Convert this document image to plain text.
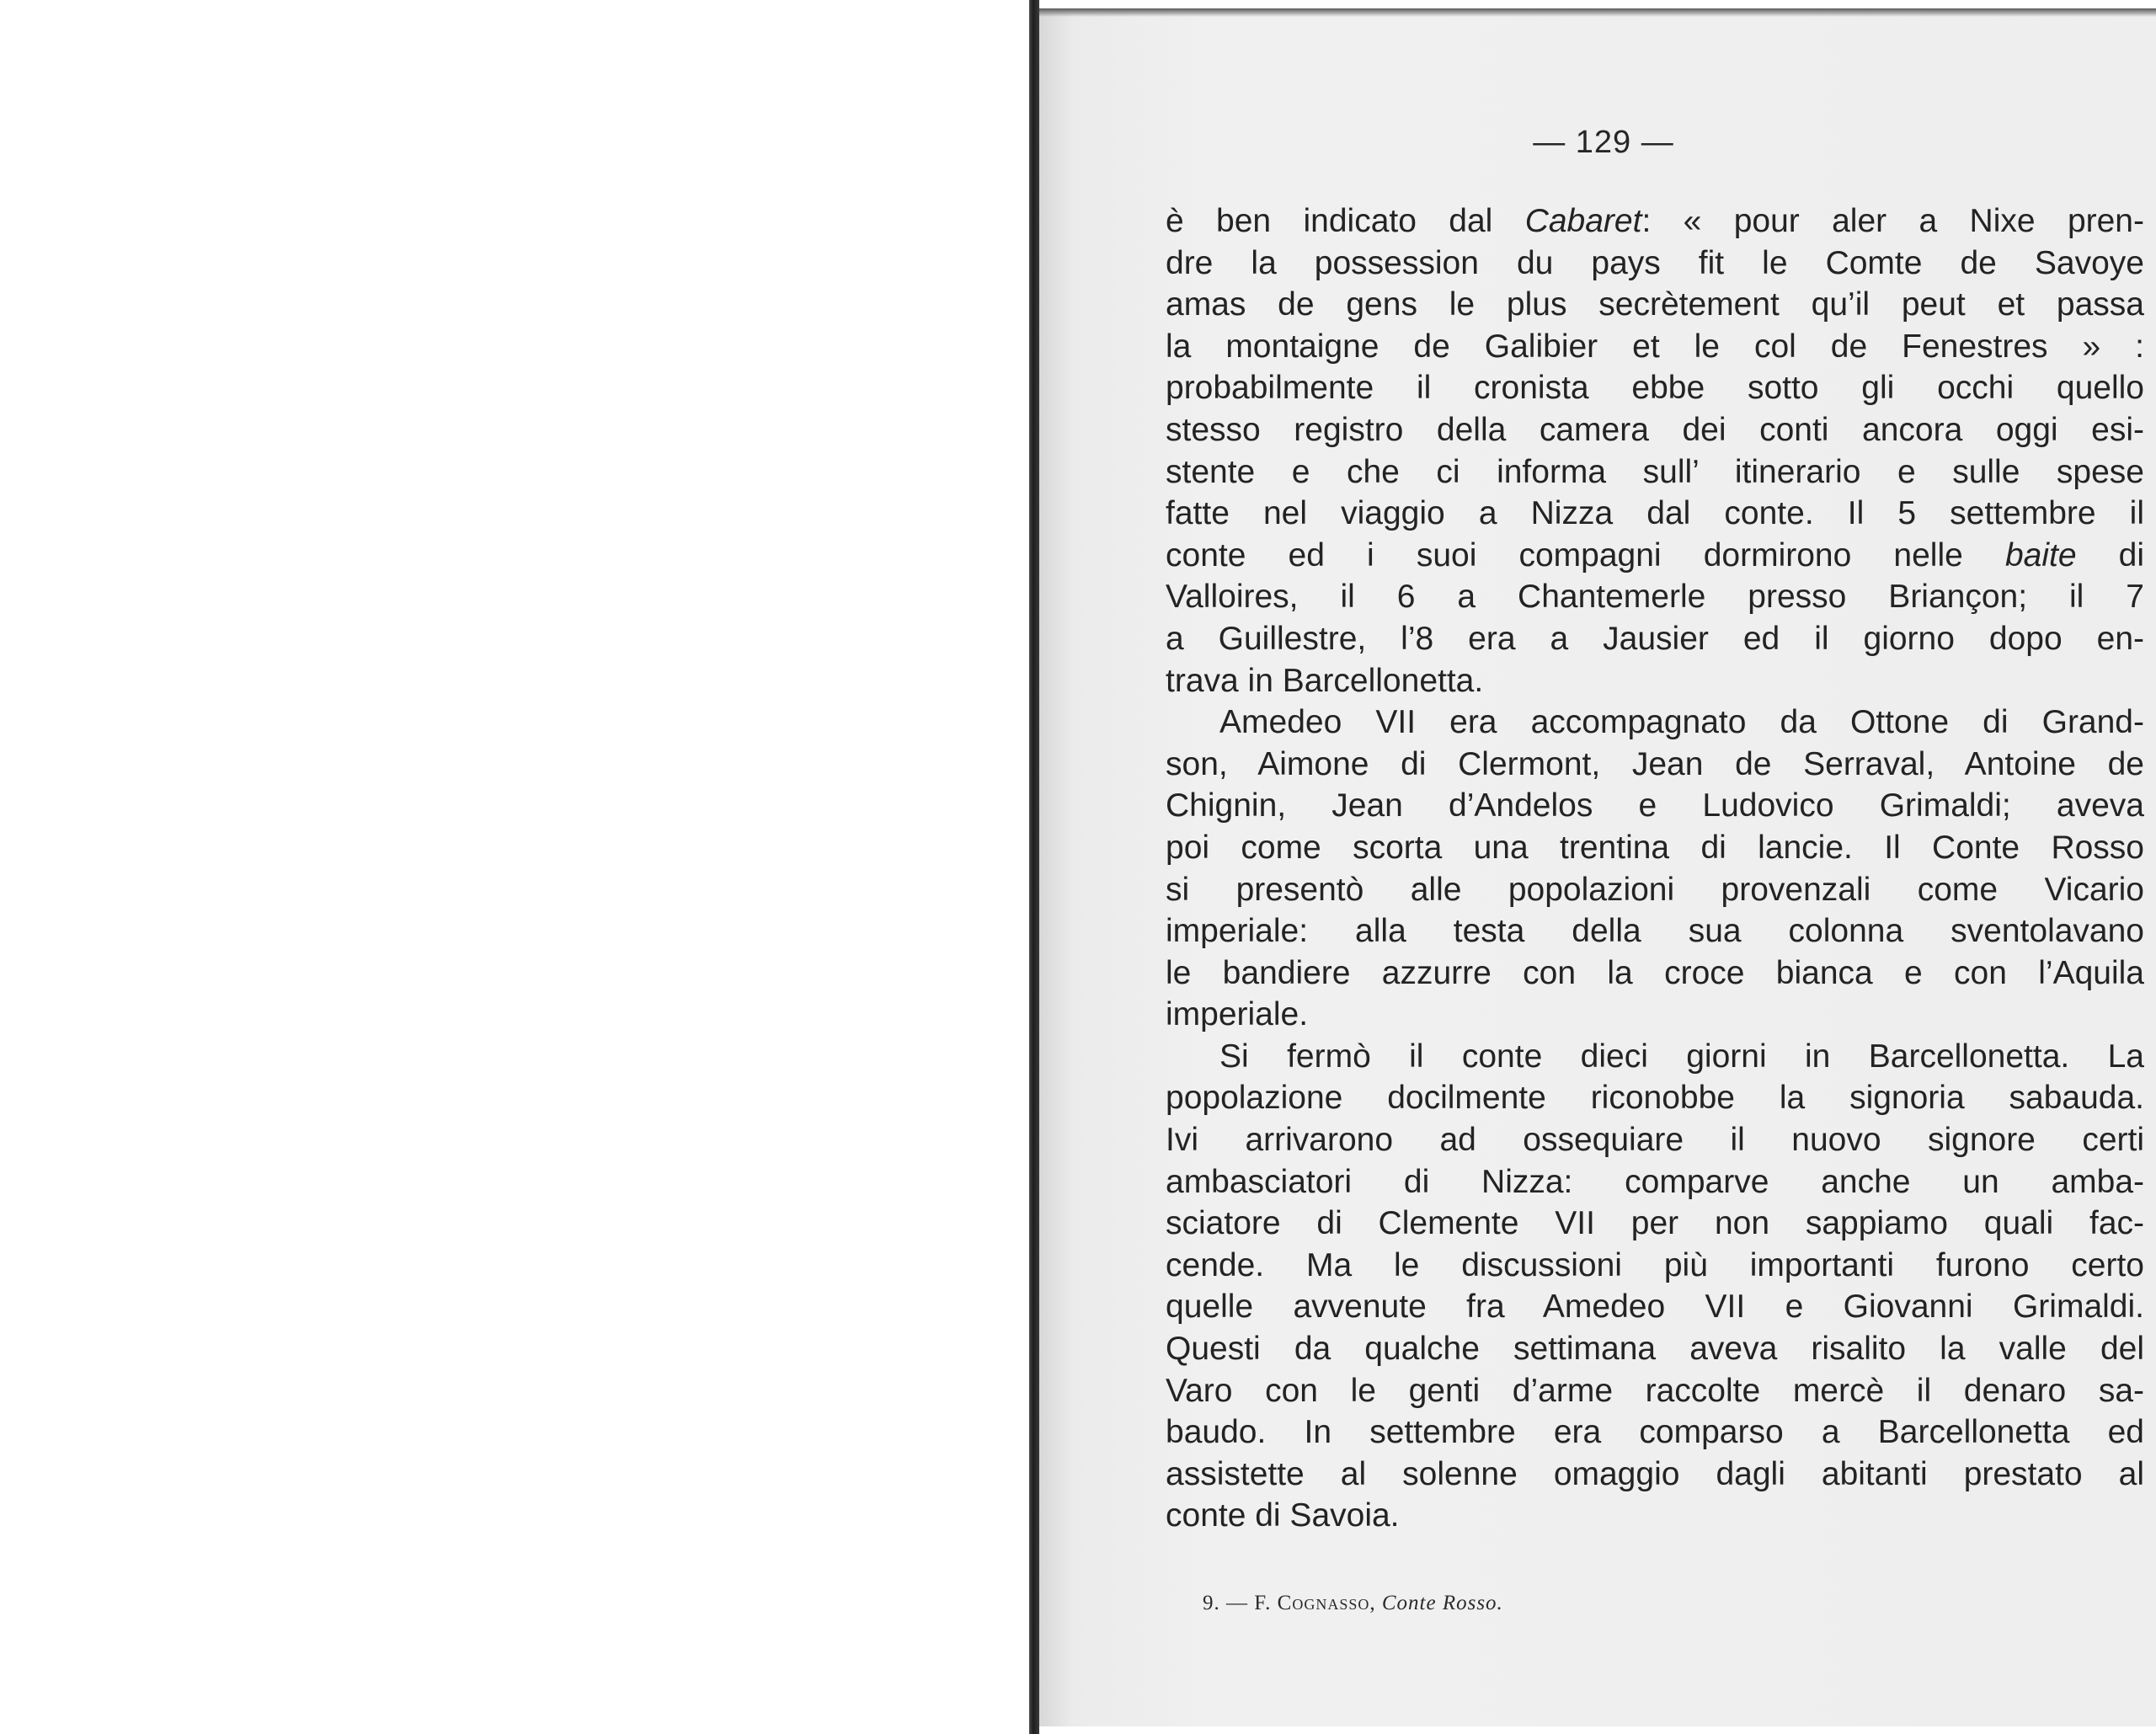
— 129 —
è ben indicato dal Cabaret: « pour aler a Nixe pren-
dre la possession du pays fit le Comte de Savoye
amas de gens le plus secrètement qu’il peut et passa
la montaigne de Galibier et le col de Fenestres » :
probabilmente il cronista ebbe sotto gli occhi quello
stesso registro della camera dei conti ancora oggi esi-
stente e che ci informa sull’ itinerario e sulle spese
fatte nel viaggio a Nizza dal conte. Il 5 settembre il
conte ed i suoi compagni dormirono nelle baite di
Valloires, il 6 a Chantemerle presso Briançon; il 7
a Guillestre, l’8 era a Jausier ed il giorno dopo en-
trava in Barcellonetta.
Amedeo VII era accompagnato da Ottone di Grand-
son, Aimone di Clermont, Jean de Serraval, Antoine de
Chignin, Jean d’Andelos e Ludovico Grimaldi; aveva
poi come scorta una trentina di lancie. Il Conte Rosso
si presentò alle popolazioni provenzali come Vicario
imperiale: alla testa della sua colonna sventolavano
le bandiere azzurre con la croce bianca e con l’Aquila
imperiale.
Si fermò il conte dieci giorni in Barcellonetta. La
popolazione docilmente riconobbe la signoria sabauda.
Ivi arrivarono ad ossequiare il nuovo signore certi
ambasciatori di Nizza: comparve anche un amba-
sciatore di Clemente VII per non sappiamo quali fac-
cende. Ma le discussioni più importanti furono certo
quelle avvenute fra Amedeo VII e Giovanni Grimaldi.
Questi da qualche settimana aveva risalito la valle del
Varo con le genti d’arme raccolte mercè il denaro sa-
baudo. In settembre era comparso a Barcellonetta ed
assistette al solenne omaggio dagli abitanti prestato al
conte di Savoia.
9. — F. Cognasso, Conte Rosso.
